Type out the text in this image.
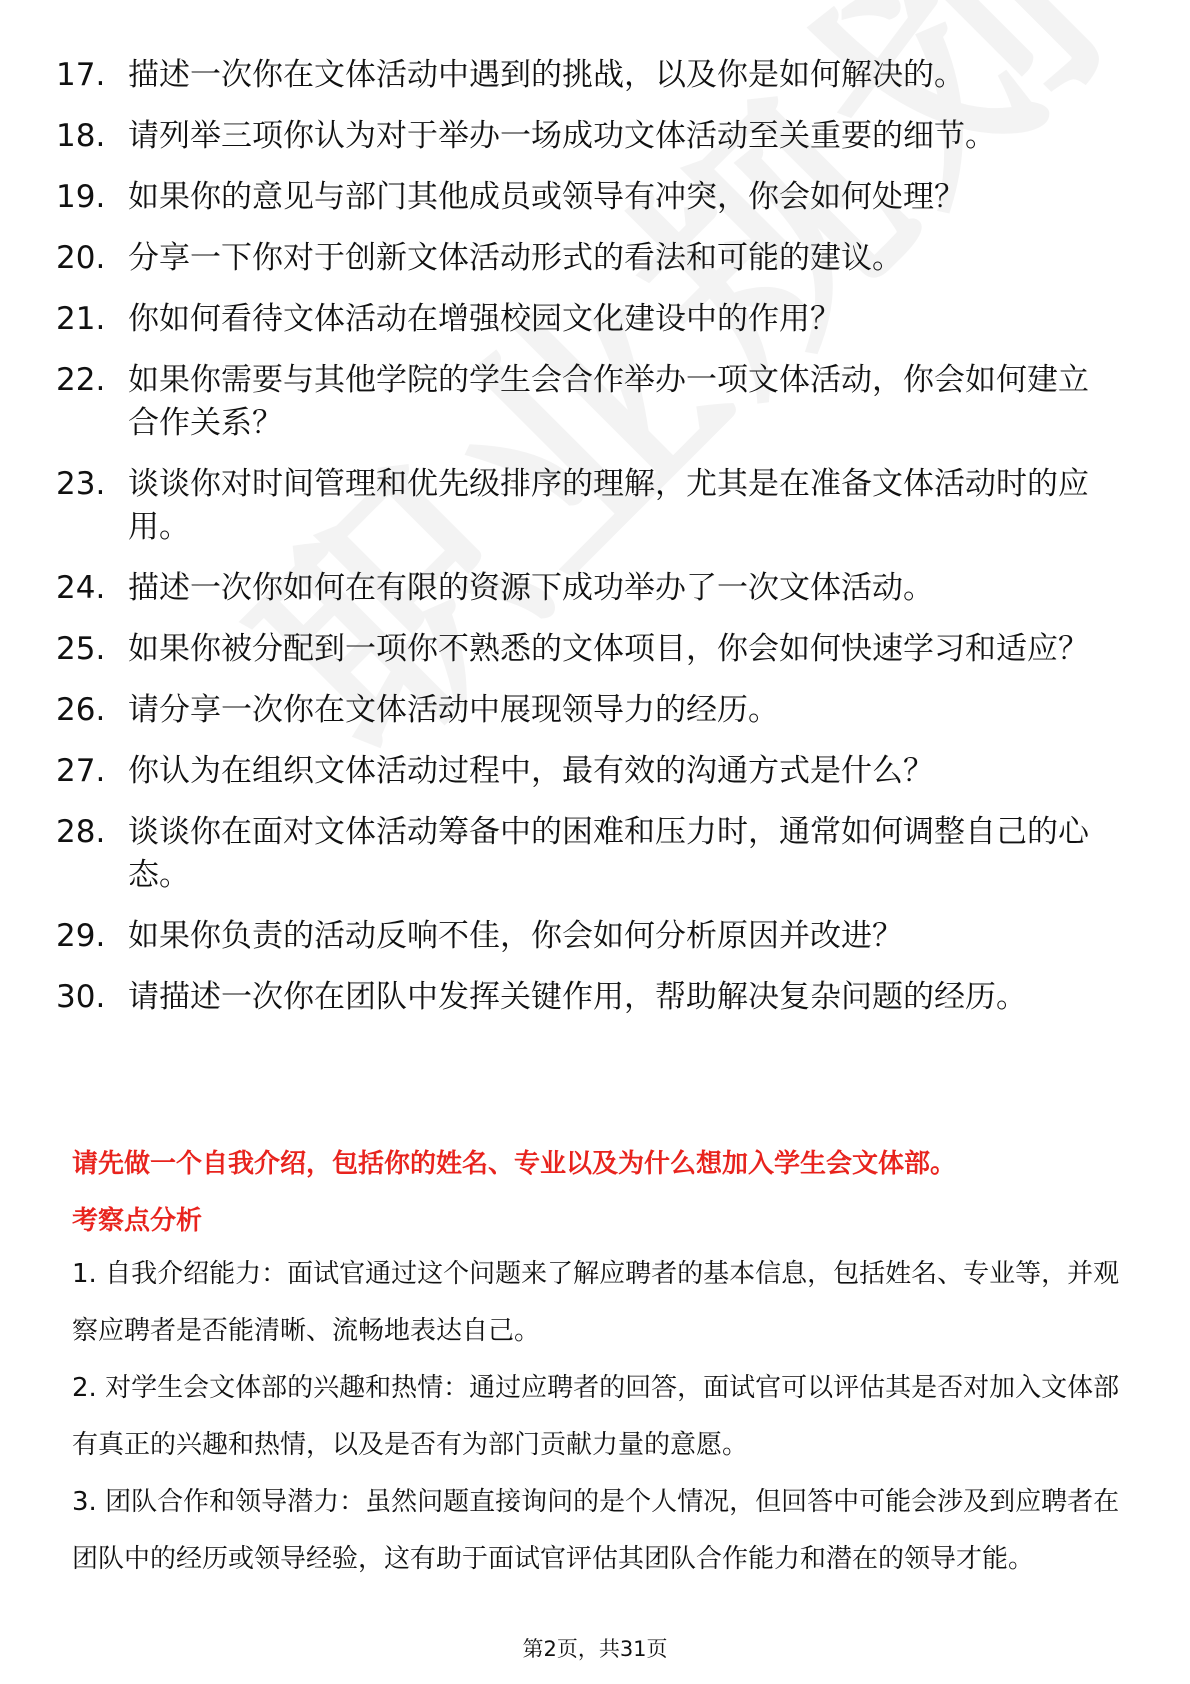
17. 描述一次你在文体活动中遇到的挑战，以及你是如何解决的。
18. 请列举三项你认为对于举办一场成功文体活动至关重要的细节。
19. 如果你的意见与部门其他成员或领导有冲突，你会如何处理？
20. 分享一下你对于创新文体活动形式的看法和可能的建议。
21. 你如何看待文体活动在增强校园文化建设中的作用？
22. 如果你需要与其他学院的学生会合作举办一项文体活动，你会如何建立合作关系？
23. 谈谈你对时间管理和优先级排序的理解，尤其是在准备文体活动时的应用。
24. 描述一次你如何在有限的资源下成功举办了一次文体活动。
25. 如果你被分配到一项你不熟悉的文体项目，你会如何快速学习和适应？
26. 请分享一次你在文体活动中展现领导力的经历。
27. 你认为在组织文体活动过程中，最有效的沟通方式是什么？
28. 谈谈你在面对文体活动筹备中的困难和压力时，通常如何调整自己的心态。
29. 如果你负责的活动反响不佳，你会如何分析原因并改进？
30. 请描述一次你在团队中发挥关键作用，帮助解决复杂问题的经历。
请先做一个自我介绍，包括你的姓名、专业以及为什么想加入学生会文体部。
考察点分析

1. 自我介绍能力：面试官通过这个问题来了解应聘者的基本信息，包括姓名、专业等，并观察应聘者是否能清晰、流畅地表达自己。

2. 对学生会文体部的兴趣和热情：通过应聘者的回答，面试官可以评估其是否对加入文体部有真正的兴趣和热情，以及是否有为部门贡献力量的意愿。

3. 团队合作和领导潜力：虽然问题直接询问的是个人情况，但回答中可能会涉及到应聘者在团队中的经历或领导经验，这有助于面试官评估其团队合作能力和潜在的领导才能。

第2页，共31页
